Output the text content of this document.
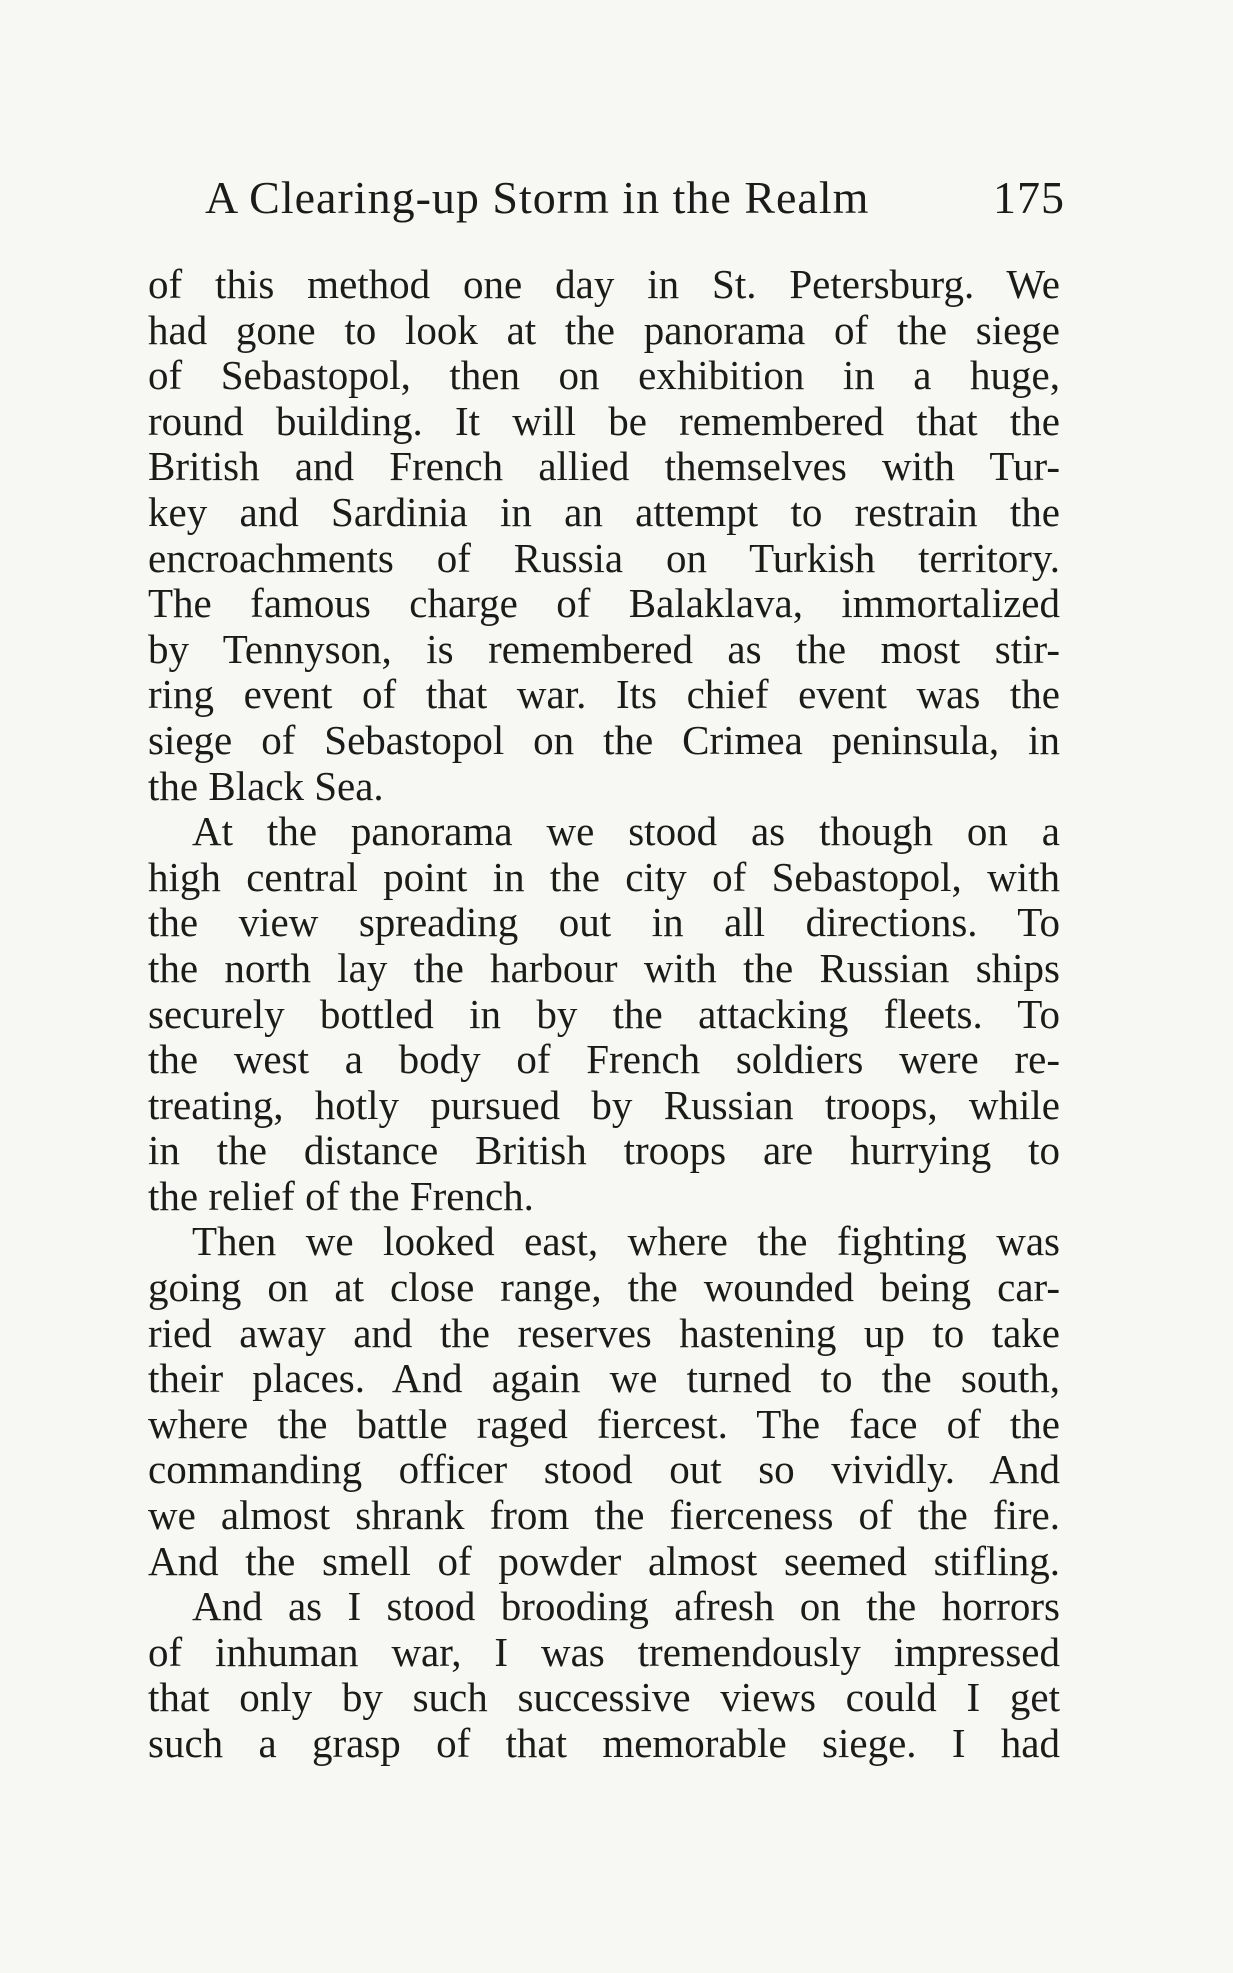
A Clearing-up Storm in the Realm	175
of this method one day in St. Petersburg. We
had gone to look at the panorama of the siege
of Sebastopol, then on exhibition in a huge,
round building. It will be remembered that the
British and French allied themselves with Tur-
key and Sardinia in an attempt to restrain the
encroachments of Russia on Turkish territory.
The famous charge of Balaklava, immortalized
by Tennyson, is remembered as the most stir-
ring event of that war. Its chief event was the
siege of Sebastopol on the Crimea peninsula, in
the Black Sea.
At the panorama we stood as though on a
high central point in the city of Sebastopol, with
the view spreading out in all directions. To
the north lay the harbour with the Russian ships
securely bottled in by the attacking fleets. To
the west a body of French soldiers were re-
treating, hotly pursued by Russian troops, while
in the distance British troops are hurrying to
the relief of the French.
Then we looked east, where the fighting was
going on at close range, the wounded being car-
ried away and the reserves hastening up to take
their places. And again we turned to the south,
where the battle raged fiercest. The face of the
commanding officer stood out so vividly. And
we almost shrank from the fierceness of the fire.
And the smell of powder almost seemed stifling.
And as I stood brooding afresh on the horrors
of inhuman war, I was tremendously impressed
that only by such successive views could I get
such a grasp of that memorable siege. I had
